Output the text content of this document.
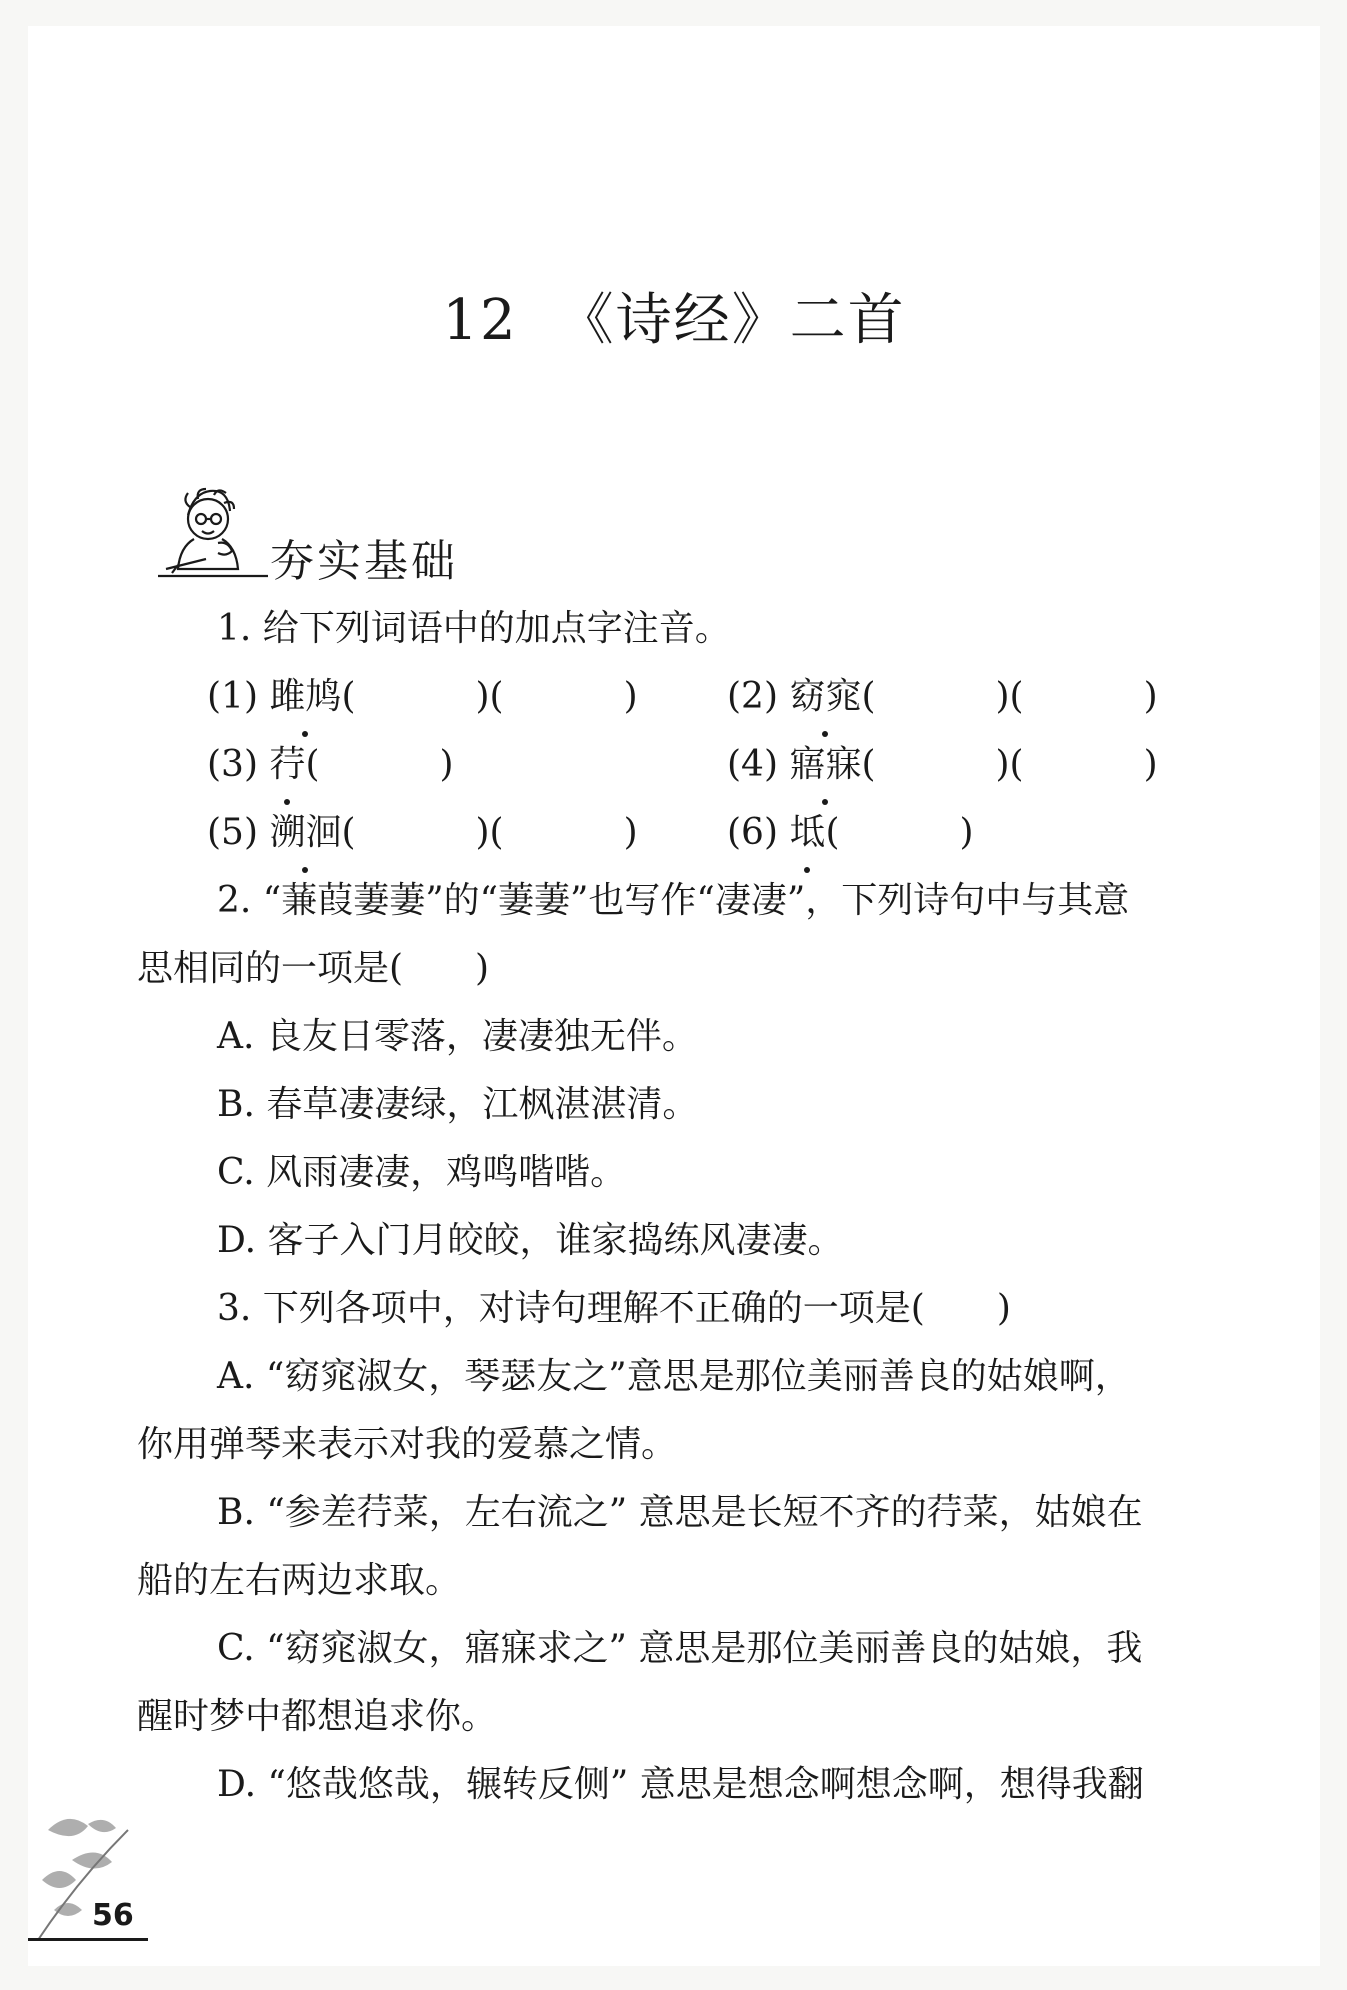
12 《诗经》二首
夯实基础

1. 给下列词语中的加点字注音。

(1) 雎鸠(	)(	) (2) 窈窕(	)(	)
(3) 荇(	)	(4) 寤寐(	)(	)
(5) 溯洄(	)(	) (6) 坻(	)

2. “蒹葭萋萋”的“萋萋”也写作“凄凄”，下列诗句中与其意

思相同的一项是(　　)

A. 良友日零落，凄凄独无伴。

B. 春草凄凄绿，江枫湛湛清。

C. 风雨凄凄，鸡鸣喈喈。

D. 客子入门月皎皎，谁家捣练风凄凄。

3. 下列各项中，对诗句理解不正确的一项是(　　)

A. “窈窕淑女，琴瑟友之”意思是那位美丽善良的姑娘啊，

你用弹琴来表示对我的爱慕之情。

B. “参差荇菜，左右流之” 意思是长短不齐的荇菜，姑娘在

船的左右两边求取。

C. “窈窕淑女，寤寐求之” 意思是那位美丽善良的姑娘，我

醒时梦中都想追求你。

D. “悠哉悠哉，辗转反侧” 意思是想念啊想念啊，想得我翻

56
